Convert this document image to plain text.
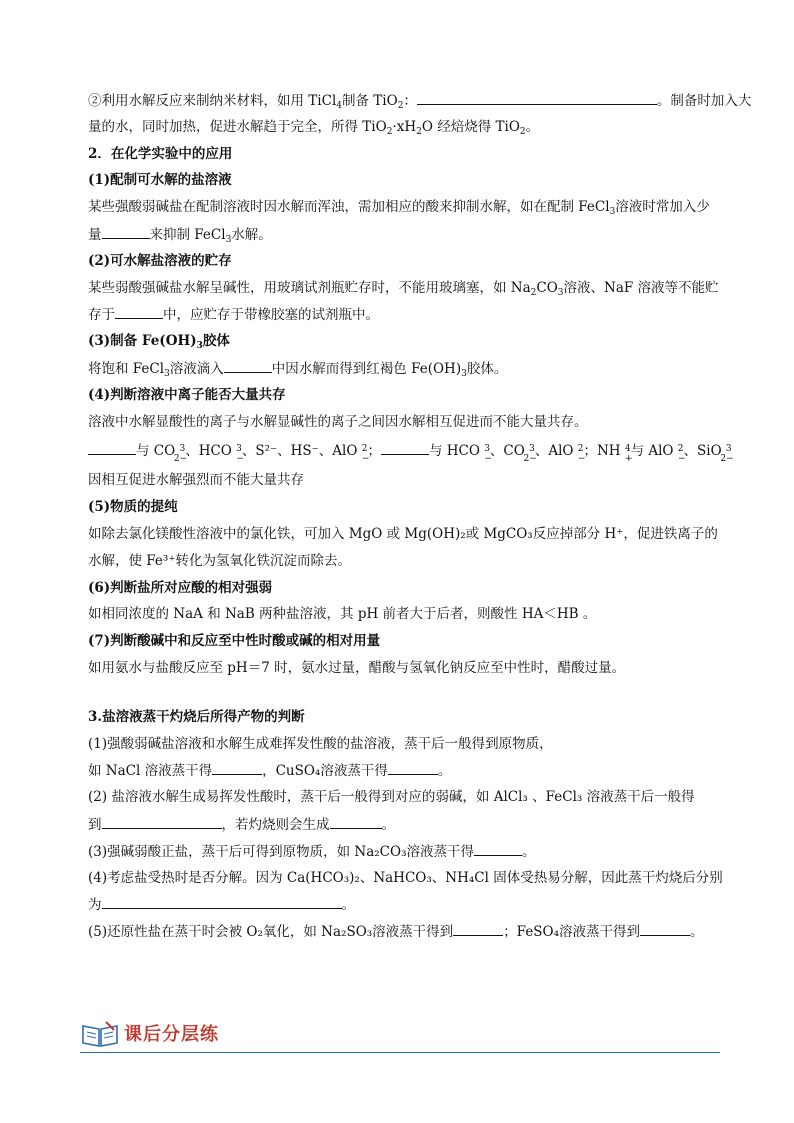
②利用水解反应来制纳米材料，如用 TiCl$_4$制备 TiO$_2$：	。制备时加入大
量的水，同时加热，促进水解趋于完全，所得 $TiO_2\cdot xH_2O$ 经焙烧得 TiO$_2$。
2．在化学实验中的应用
(1)配制可水解的盐溶液
某些强酸弱碱盐在配制溶液时因水解而浑浊，需加相应的酸来抑制水解，如在配制 FeCl$_3$溶液时常加入少
量	来抑制 FeCl$_3$水解。
(2)可水解盐溶液的贮存
某些弱酸强碱盐水解呈碱性，用玻璃试剂瓶贮存时，不能用玻璃塞，如 $Na_2CO_3$溶液、NaF 溶液等不能贮
存于	中，应贮存于带橡胶塞的试剂瓶中。
(3)制备 $Fe(OH)_3$胶体
将饱和 FeCl$_3$溶液滴入	中因水解而得到红褐色 $Fe(OH)_3$胶体。
(4)判断溶液中离子能否大量共存
溶液中水解显酸性的离子与水解显碱性的离子之间因水解相互促进而不能大量共存。
与 CO
2−
3 、HCO −
3 、S²⁻、HS⁻、AlO −
2 ；	与 HCO −
3 、CO
2−
3 、AlO −
2 ；NH +
4 与 AlO −
2 、SiO
2−
3
因相互促进水解强烈而不能大量共存
(5)物质的提纯
如除去氯化镁酸性溶液中的氯化铁，可加入 MgO 或 Mg(OH)₂或 MgCO₃反应掉部分 H⁺，促进铁离子的
水解，使 Fe³⁺转化为氢氧化铁沉淀而除去。
(6)判断盐所对应酸的相对强弱
如相同浓度的 NaA 和 NaB 两种盐溶液，其 pH 前者大于后者，则酸性 HA＜HB 。
(7)判断酸碱中和反应至中性时酸或碱的相对用量
如用氨水与盐酸反应至 pH＝7 时，氨水过量，醋酸与氢氧化钠反应至中性时，醋酸过量。
3.盐溶液蒸干灼烧后所得产物的判断
(1)强酸弱碱盐溶液和水解生成难挥发性酸的盐溶液，蒸干后一般得到原物质，
如 NaCl 溶液蒸干得	，CuSO₄溶液蒸干得	。
(2) 盐溶液水解生成易挥发性酸时，蒸干后一般得到对应的弱碱，如 AlCl₃ 、FeCl₃ 溶液蒸干后一般得
到	，若灼烧则会生成	。
(3)强碱弱酸正盐，蒸干后可得到原物质，如 Na₂CO₃溶液蒸干得	。
(4)考虑盐受热时是否分解。因为 Ca(HCO₃)₂、NaHCO₃、NH₄Cl 固体受热易分解，因此蒸干灼烧后分别
为	。
(5)还原性盐在蒸干时会被 O₂氧化，如 Na₂SO₃溶液蒸干得到	；FeSO₄溶液蒸干得到	。
课后分层练
